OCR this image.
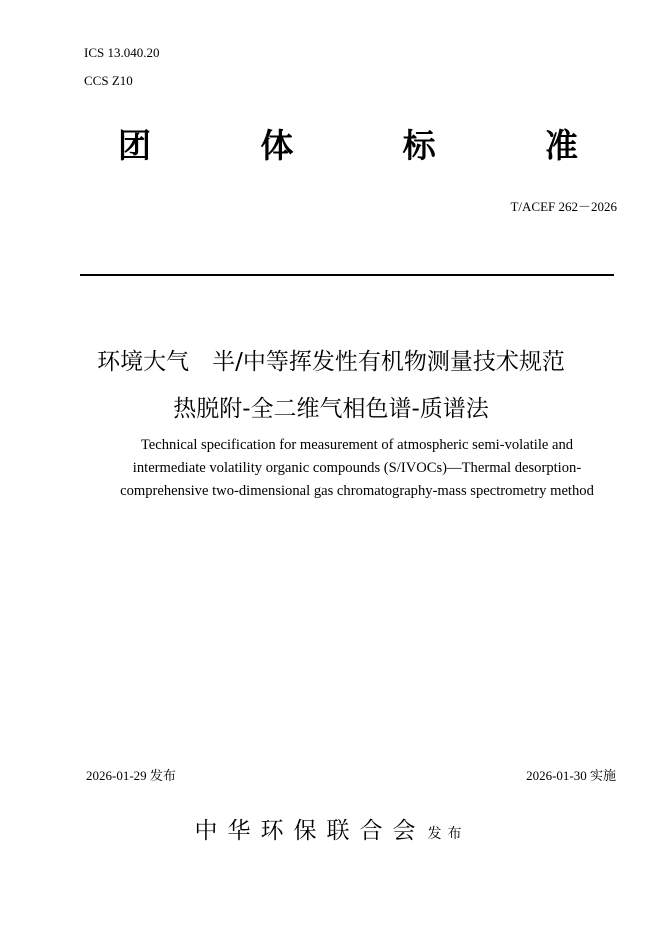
ICS 13.040.20
CCS Z10
团	体	标	准
T/ACEF 262－2026
环境大气　半/中等挥发性有机物测量技术规范
热脱附-全二维气相色谱-质谱法
Technical specification for measurement of atmospheric semi-volatile and
intermediate volatility organic compounds (S/IVOCs)—Thermal desorption-
comprehensive two-dimensional gas chromatography-mass spectrometry method
2026-01-29 发布	2026-01-30 实施
中华环保联合会 发布
